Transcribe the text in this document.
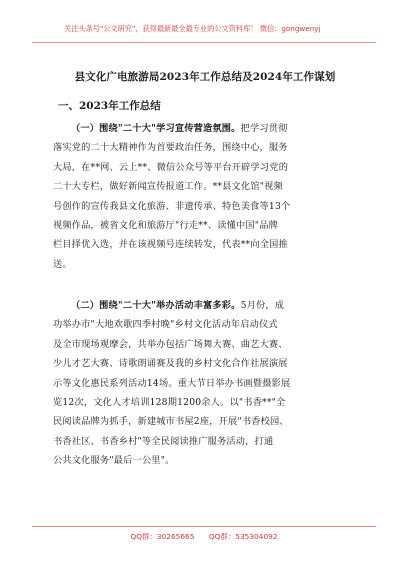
关注头条号"公文研究"，获得最新最全最专业的公文资料库！ 微信：gongwenyj
县文化广电旅游局2023年工作总结及2024年工作谋划
一、2023年工作总结
（一）围绕"二十大"学习宣传营造氛围。把学习贯彻
落实党的二十大精神作为首要政治任务，围绕中心，服务
大局，在**网、云上**、微信公众号等平台开辟学习党的
二十大专栏，做好新闻宣传报道工作。**县文化馆"视频
号创作的宣传我县文化旅游、非遗传承、特色美食等13个
视频作品，被省文化和旅游厅"行走**、读懂中国"品牌
栏目择优入选，并在该视频号连续转发，代表**向全国推
送。
（二）围绕"二十大"举办活动丰富多彩。5月份，成
功举办市"大地欢歌四季村晚"乡村文化活动年启动仪式
及全市现场观摩会，共举办包括广场舞大赛、曲艺大赛、
少儿才艺大赛、诗歌朗诵赛及我的乡村文化合作社展演展
示等文化惠民系列活动14场。重大节日举办书画暨摄影展
览12次，文化人才培训128期1200余人。以"书香**"全
民阅读品牌为抓手，新建城市书屋2座，开展"书香校园、
书香社区、书香乡村"等全民阅读推广服务活动，打通
公共文化服务"最后一公里"。
QQ群：30265665 QQ群：535304092
